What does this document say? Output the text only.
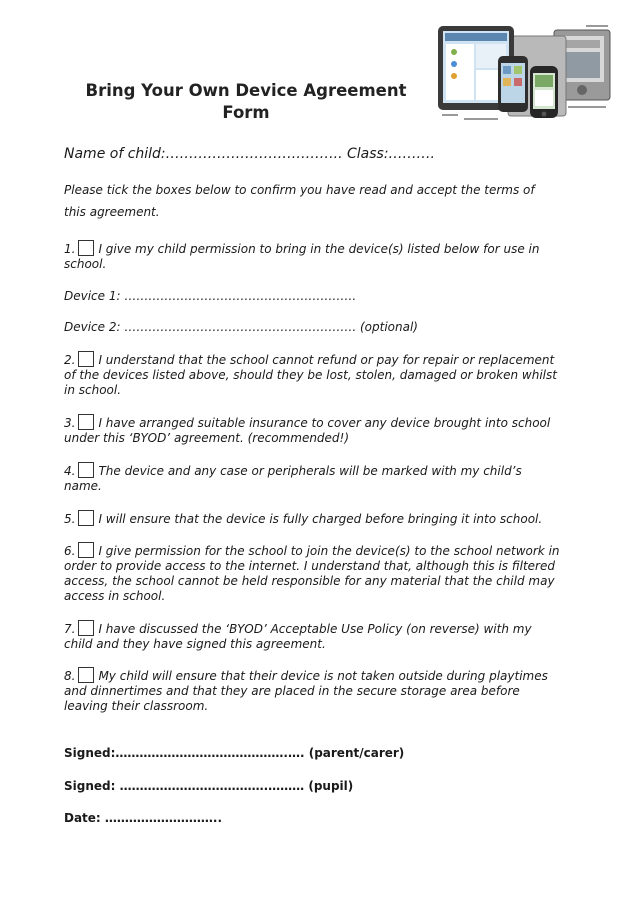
Bring Your Own Device Agreement
Form
Name of child:……………………………….. Class:……….
Please tick the boxes below to confirm you have read and accept the terms of
this agreement.
1. I give my child permission to bring in the device(s) listed below for use in
school.
Device 1: ………………………………………………….
Device 2: …………………………………………………. (optional)
2. I understand that the school cannot refund or pay for repair or replacement
of the devices listed above, should they be lost, stolen, damaged or broken whilst
in school.
3. I have arranged suitable insurance to cover any device brought into school
under this ‘BYOD’ agreement. (recommended!)
4. The device and any case or peripherals will be marked with my child’s
name.
5. I will ensure that the device is fully charged before bringing it into school.
6. I give permission for the school to join the device(s) to the school network in
order to provide access to the internet. I understand that, although this is filtered
access, the school cannot be held responsible for any material that the child may
access in school.
7. I have discussed the ‘BYOD’ Acceptable Use Policy (on reverse) with my
child and they have signed this agreement.
8. My child will ensure that their device is not taken outside during playtimes
and dinnertimes and that they are placed in the secure storage area before
leaving their classroom.
Signed:…………………………………….…. (parent/carer)
Signed: ……………………………….……… (pupil)
Date: ………………………..
